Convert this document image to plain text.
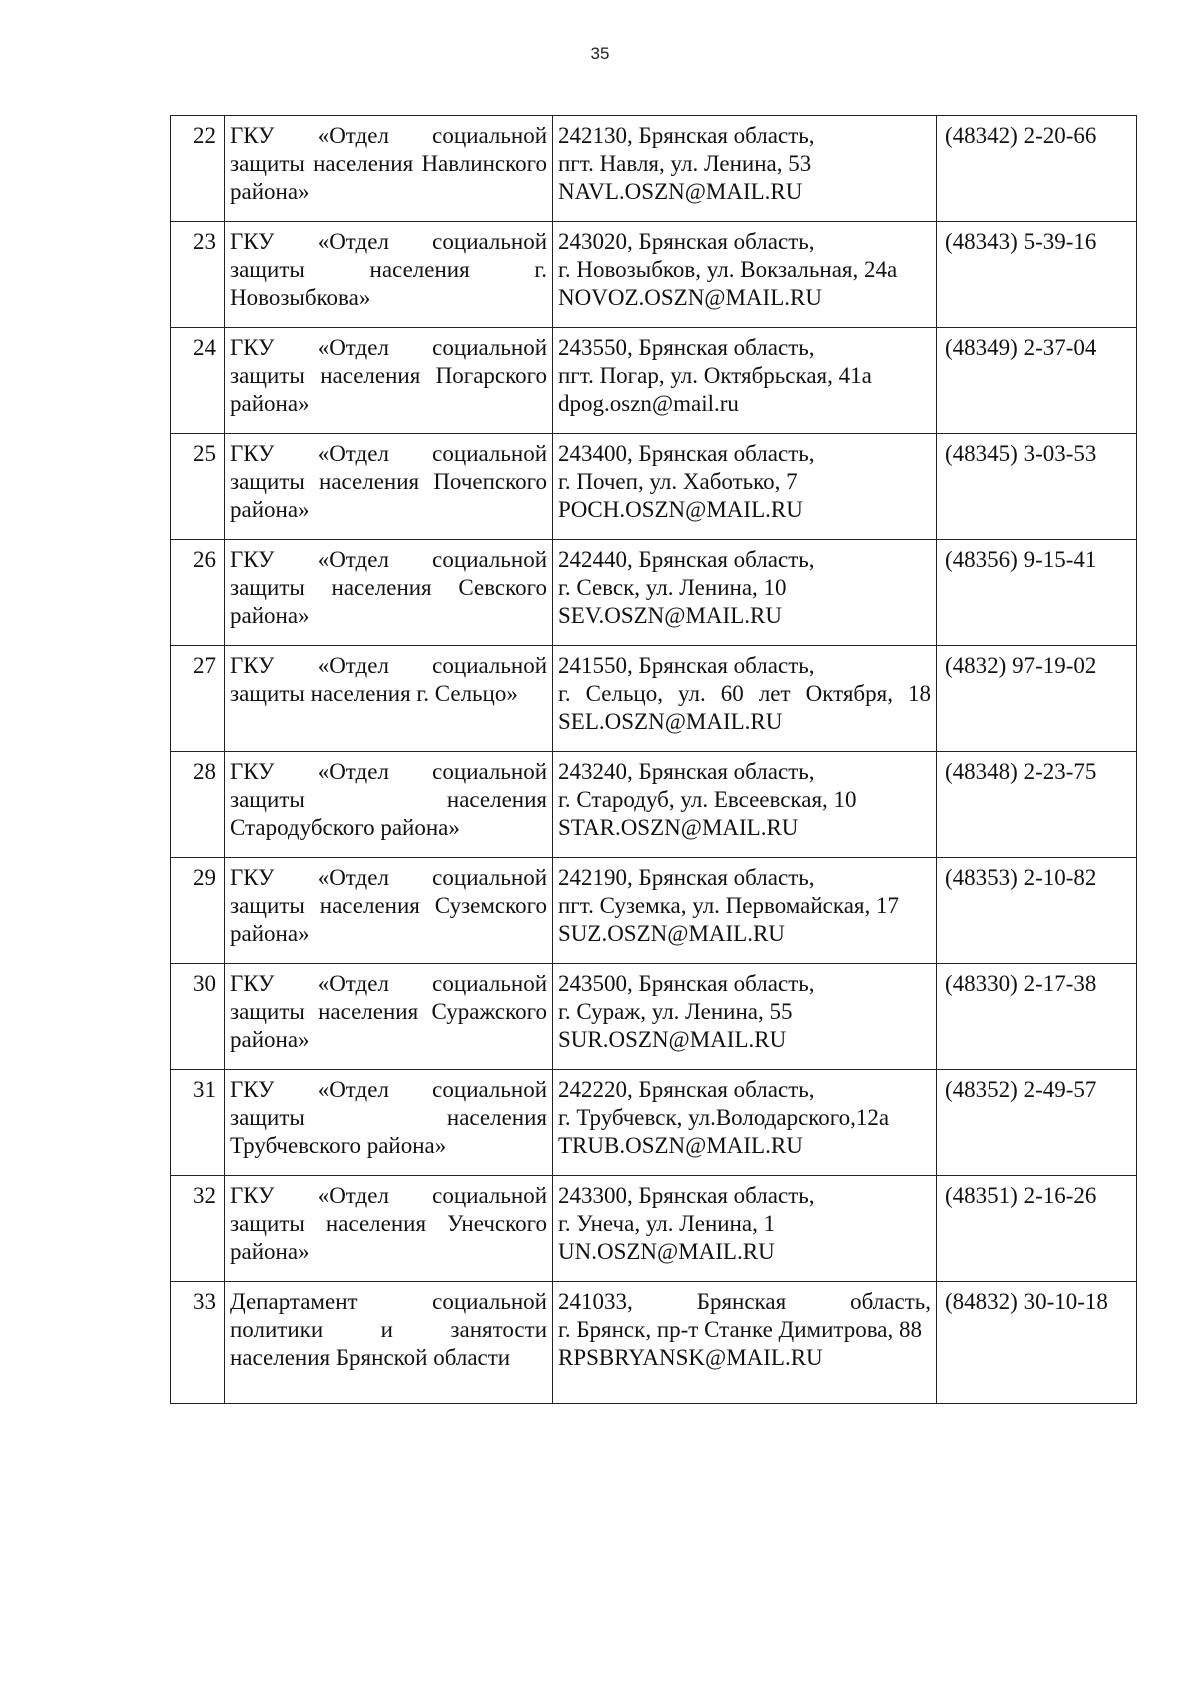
35
22	ГКУ «Отдел социальной защиты населения Навлинского района»	242130, Брянская область,
пгт. Навля, ул. Ленина, 53
NAVL.OSZN@MAIL.RU	(48342) 2-20-66
23	ГКУ «Отдел социальной защиты населения г. Новозыбкова»	243020, Брянская область,
г. Новозыбков, ул. Вокзальная, 24а
NOVOZ.OSZN@MAIL.RU	(48343) 5-39-16
24	ГКУ «Отдел социальной защиты населения Погарского района»	243550, Брянская область,
пгт. Погар, ул. Октябрьская, 41а
dpog.oszn@mail.ru	(48349) 2-37-04
25	ГКУ «Отдел социальной защиты населения Почепского района»	243400, Брянская область,
г. Почеп, ул. Хаботько, 7
POCH.OSZN@MAIL.RU	(48345) 3-03-53
26	ГКУ «Отдел социальной защиты населения Севского района»	242440, Брянская область,
г. Севск, ул. Ленина, 10
SEV.OSZN@MAIL.RU	(48356) 9-15-41
27	ГКУ «Отдел социальной защиты населения г. Сельцо»	241550, Брянская область,
г. Сельцо, ул. 60 лет Октября, 18
SEL.OSZN@MAIL.RU	(4832) 97-19-02
28	ГКУ «Отдел социальной защиты населения Стародубского района»	243240, Брянская область,
г. Стародуб, ул. Евсеевская, 10
STAR.OSZN@MAIL.RU	(48348) 2-23-75
29	ГКУ «Отдел социальной защиты населения Суземского района»	242190, Брянская область,
пгт. Суземка, ул. Первомайская, 17
SUZ.OSZN@MAIL.RU	(48353) 2-10-82
30	ГКУ «Отдел социальной защиты населения Суражского района»	243500, Брянская область,
г. Сураж, ул. Ленина, 55
SUR.OSZN@MAIL.RU	(48330) 2-17-38
31	ГКУ «Отдел социальной защиты населения Трубчевского района»	242220, Брянская область,
г. Трубчевск, ул.Володарского,12а
TRUB.OSZN@MAIL.RU	(48352) 2-49-57
32	ГКУ «Отдел социальной защиты населения Унечского района»	243300, Брянская область,
г. Унеча, ул. Ленина, 1
UN.OSZN@MAIL.RU	(48351) 2-16-26
33	Департамент социальной политики и занятости населения Брянской области	241033, Брянская область,
г. Брянск, пр-т Станке Димитрова, 88
RPSBRYANSK@MAIL.RU	(84832) 30-10-18
